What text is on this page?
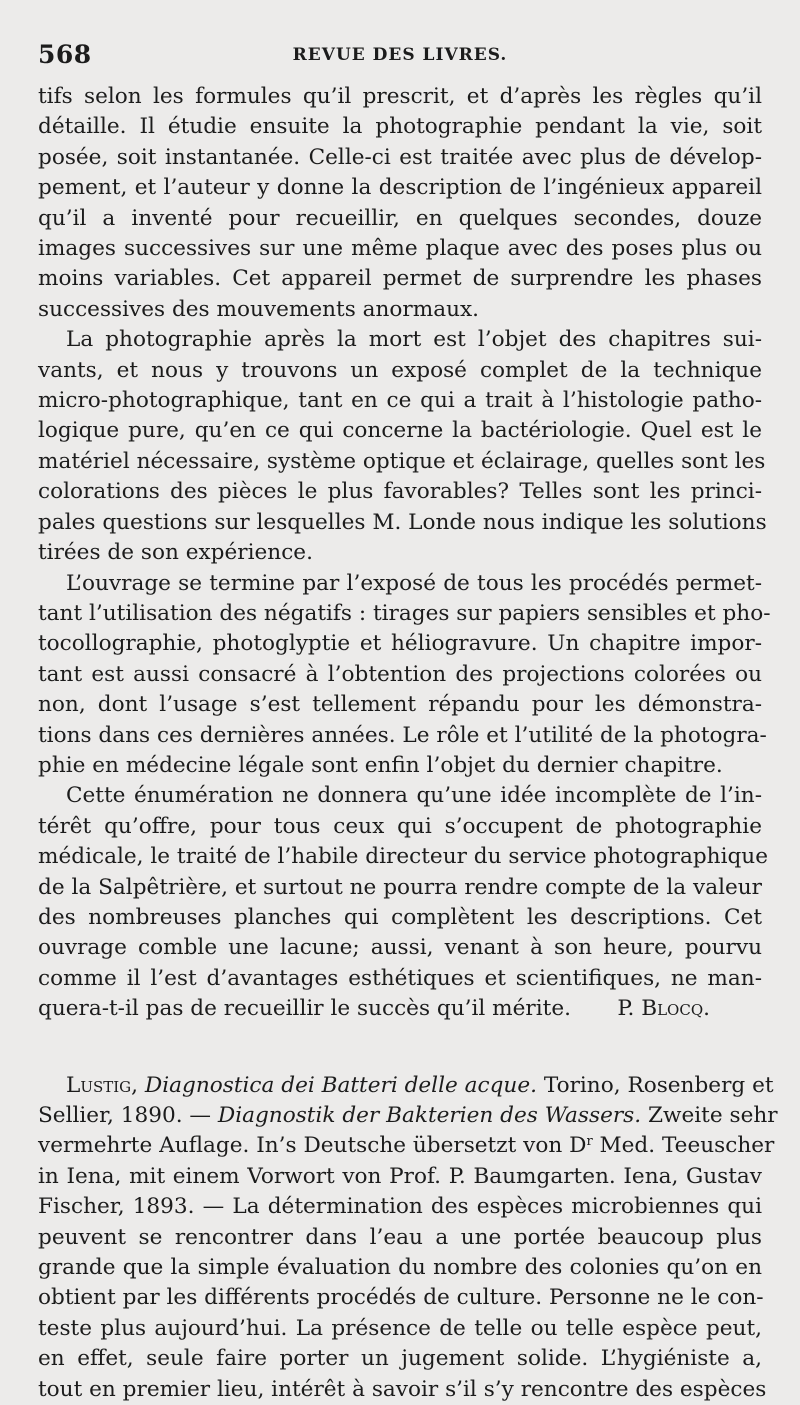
568	REVUE DES LIVRES.
tifs selon les formules qu’il prescrit, et d’après les règles qu’il
détaille. Il étudie ensuite la photographie pendant la vie, soit
posée, soit instantanée. Celle-ci est traitée avec plus de dévelop-
pement, et l’auteur y donne la description de l’ingénieux appareil
qu’il a inventé pour recueillir, en quelques secondes, douze
images successives sur une même plaque avec des poses plus ou
moins variables. Cet appareil permet de surprendre les phases
successives des mouvements anormaux.
La photographie après la mort est l’objet des chapitres sui-
vants, et nous y trouvons un exposé complet de la technique
micro-photographique, tant en ce qui a trait à l’histologie patho-
logique pure, qu’en ce qui concerne la bactériologie. Quel est le
matériel nécessaire, système optique et éclairage, quelles sont les
colorations des pièces le plus favorables? Telles sont les princi-
pales questions sur lesquelles M. Londe nous indique les solutions
tirées de son expérience.
L’ouvrage se termine par l’exposé de tous les procédés permet-
tant l’utilisation des négatifs : tirages sur papiers sensibles et pho-
tocollographie, photoglyptie et héliogravure. Un chapitre impor-
tant est aussi consacré à l’obtention des projections colorées ou
non, dont l’usage s’est tellement répandu pour les démonstra-
tions dans ces dernières années. Le rôle et l’utilité de la photogra-
phie en médecine légale sont enfin l’objet du dernier chapitre.
Cette énumération ne donnera qu’une idée incomplète de l’in-
térêt qu’offre, pour tous ceux qui s’occupent de photographie
médicale, le traité de l’habile directeur du service photographique
de la Salpêtrière, et surtout ne pourra rendre compte de la valeur
des nombreuses planches qui complètent les descriptions. Cet
ouvrage comble une lacune; aussi, venant à son heure, pourvu
comme il l’est d’avantages esthétiques et scientifiques, ne man-
quera-t-il pas de recueillir le succès qu’il mérite. P. Blocq.
Lustig, Diagnostica dei Batteri delle acque. Torino, Rosenberg et
Sellier, 1890. — Diagnostik der Bakterien des Wassers. Zweite sehr
vermehrte Auflage. In’s Deutsche übersetzt von $D^r$ Med. Teeuscher
in Iena, mit einem Vorwort von Prof. P. Baumgarten. Iena, Gustav
Fischer, 1893. — La détermination des espèces microbiennes qui
peuvent se rencontrer dans l’eau a une portée beaucoup plus
grande que la simple évaluation du nombre des colonies qu’on en
obtient par les différents procédés de culture. Personne ne le con-
teste plus aujourd’hui. La présence de telle ou telle espèce peut,
en effet, seule faire porter un jugement solide. L’hygiéniste a,
tout en premier lieu, intérêt à savoir s’il s’y rencontre des espèces
